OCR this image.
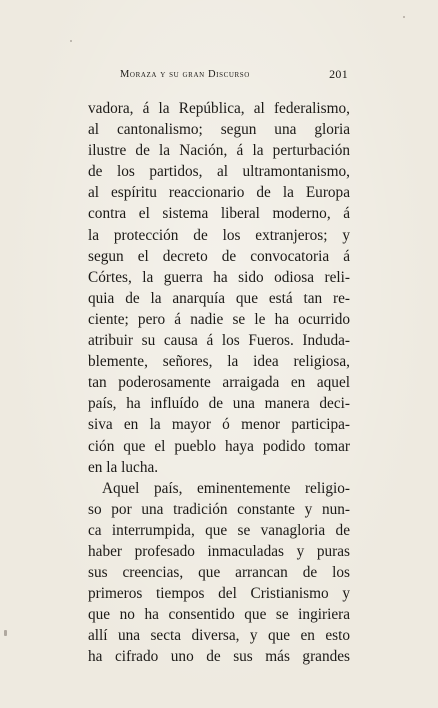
Moraza y su gran Discurso	201
vadora, á la República, al federalismo,
al cantonalismo; segun una gloria
ilustre de la Nación, á la perturbación
de los partidos, al ultramontanismo,
al espíritu reaccionario de la Europa
contra el sistema liberal moderno, á
la protección de los extranjeros; y
segun el decreto de convocatoria á
Córtes, la guerra ha sido odiosa reli-
quia de la anarquía que está tan re-
ciente; pero á nadie se le ha ocurrido
atribuir su causa á los Fueros. Induda-
blemente, señores, la idea religiosa,
tan poderosamente arraigada en aquel
país, ha influído de una manera deci-
siva en la mayor ó menor participa-
ción que el pueblo haya podido tomar
en la lucha.
Aquel país, eminentemente religio-
so por una tradición constante y nun-
ca interrumpida, que se vanagloria de
haber profesado inmaculadas y puras
sus creencias, que arrancan de los
primeros tiempos del Cristianismo y
que no ha consentido que se ingiriera
allí una secta diversa, y que en esto
ha cifrado uno de sus más grandes
